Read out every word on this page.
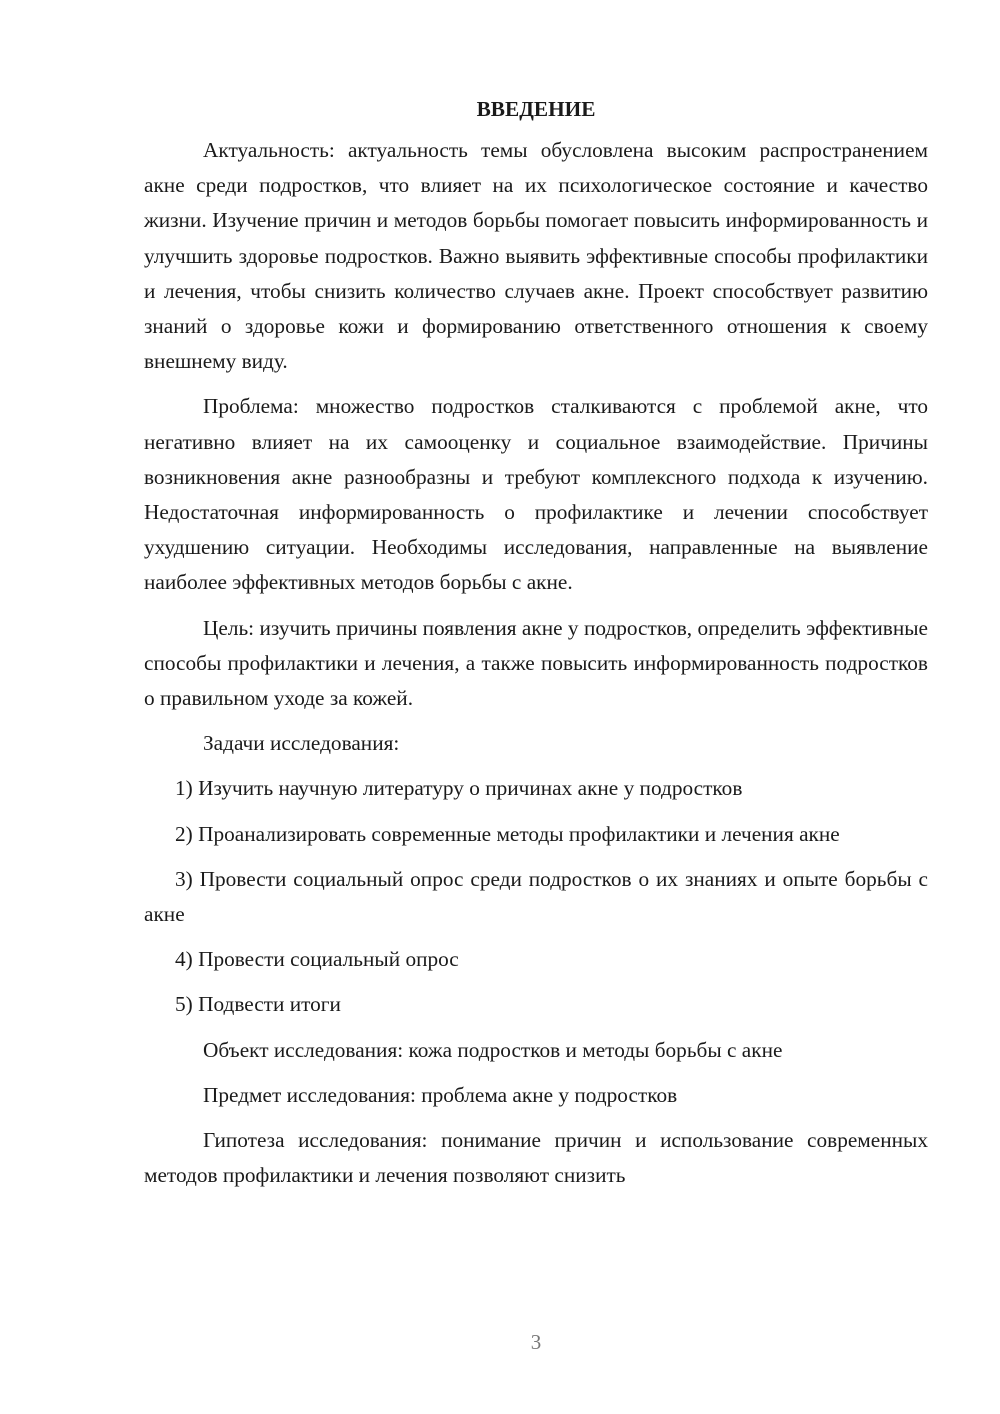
ВВЕДЕНИЕ

Актуальность: актуальность темы обусловлена высоким распространением акне среди подростков, что влияет на их психологическое состояние и качество жизни. Изучение причин и методов борьбы помогает повысить информированность и улучшить здоровье подростков. Важно выявить эффективные способы профилактики и лечения, чтобы снизить количество случаев акне. Проект способствует развитию знаний о здоровье кожи и формированию ответственного отношения к своему внешнему виду.

Проблема: множество подростков сталкиваются с проблемой акне, что негативно влияет на их самооценку и социальное взаимодействие. Причины возникновения акне разнообразны и требуют комплексного подхода к изучению. Недостаточная информированность о профилактике и лечении способствует ухудшению ситуации. Необходимы исследования, направленные на выявление наиболее эффективных методов борьбы с акне.

Цель: изучить причины появления акне у подростков, определить эффективные способы профилактики и лечения, а также повысить информированность подростков о правильном уходе за кожей.

Задачи исследования:

1) Изучить научную литературу о причинах акне у подростков

2) Проанализировать современные методы профилактики и лечения акне

3) Провести социальный опрос среди подростков о их знаниях и опыте борьбы с акне

4) Провести социальный опрос

5) Подвести итоги

Объект исследования: кожа подростков и методы борьбы с акне

Предмет исследования: проблема акне у подростков

Гипотеза исследования: понимание причин и использование современных методов профилактики и лечения позволяют снизить

3
